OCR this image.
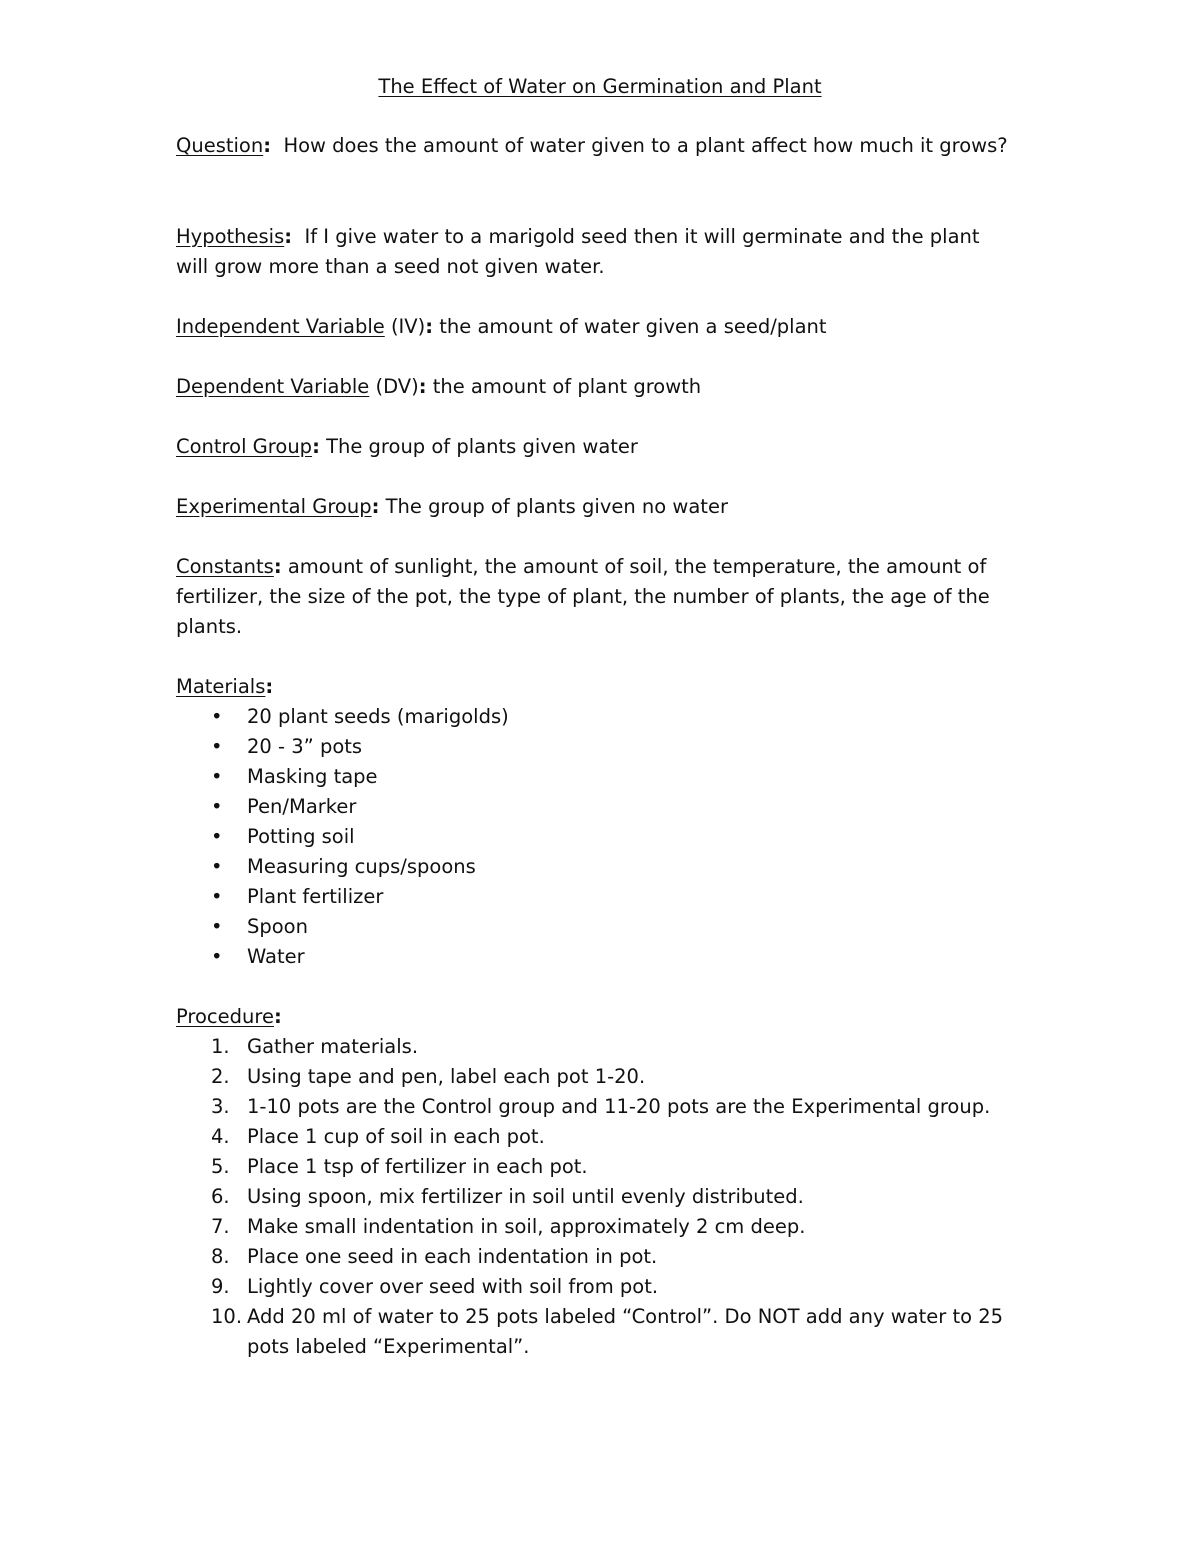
The Effect of Water on Germination and Plant
Question: How does the amount of water given to a plant affect how much it grows?
Hypothesis: If I give water to a marigold seed then it will germinate and the plant will grow more than a seed not given water.
Independent Variable (IV): the amount of water given a seed/plant
Dependent Variable (DV): the amount of plant growth
Control Group: The group of plants given water
Experimental Group: The group of plants given no water
Constants: amount of sunlight, the amount of soil, the temperature, the amount of fertilizer, the size of the pot, the type of plant, the number of plants, the age of the plants.
Materials:
• 20 plant seeds (marigolds)
• 20 - 3” pots
• Masking tape
• Pen/Marker
• Potting soil
• Measuring cups/spoons
• Plant fertilizer
• Spoon
• Water
Procedure:
1. Gather materials.
2. Using tape and pen, label each pot 1-20.
3. 1-10 pots are the Control group and 11-20 pots are the Experimental group.
4. Place 1 cup of soil in each pot.
5. Place 1 tsp of fertilizer in each pot.
6. Using spoon, mix fertilizer in soil until evenly distributed.
7. Make small indentation in soil, approximately 2 cm deep.
8. Place one seed in each indentation in pot.
9. Lightly cover over seed with soil from pot.
10. Add 20 ml of water to 25 pots labeled “Control”. Do NOT add any water to 25 pots labeled “Experimental”.
